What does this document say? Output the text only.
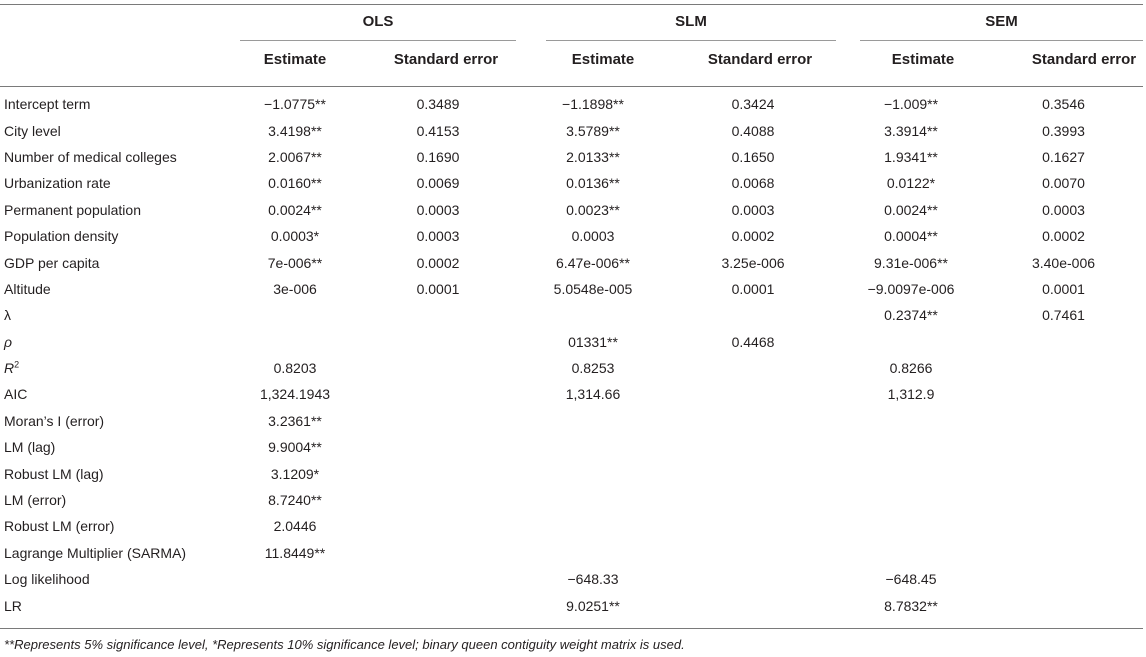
OLS	SLM	SEM
Estimate	Standard error	Estimate	Standard error	Estimate	Standard error
Intercept term	−1.0775**	0.3489	−1.1898**	0.3424	−1.009**	0.3546
City level	3.4198**	0.4153	3.5789**	0.4088	3.3914**	0.3993
Number of medical colleges	2.0067**	0.1690	2.0133**	0.1650	1.9341**	0.1627
Urbanization rate	0.0160**	0.0069	0.0136**	0.0068	0.0122*	0.0070
Permanent population	0.0024**	0.0003	0.0023**	0.0003	0.0024**	0.0003
Population density	0.0003*	0.0003	0.0003	0.0002	0.0004**	0.0002
GDP per capita	7e-006**	0.0002	6.47e-006**	3.25e-006	9.31e-006**	3.40e-006
Altitude	3e-006	0.0001	5.0548e-005	0.0001	−9.0097e-006	0.0001
λ					0.2374**	0.7461
ρ			01331**	0.4468		
$R^2$	0.8203		0.8253		0.8266	
AIC	1,324.1943		1,314.66		1,312.9	
Moran’s I (error)	3.2361**					
LM (lag)	9.9004**					
Robust LM (lag)	3.1209*					
LM (error)	8.7240**					
Robust LM (error)	2.0446					
Lagrange Multiplier (SARMA)	11.8449**					
Log likelihood			−648.33		−648.45	
LR			9.0251**		8.7832**	
**Represents 5% significance level, *Represents 10% significance level; binary queen contiguity weight matrix is used.
